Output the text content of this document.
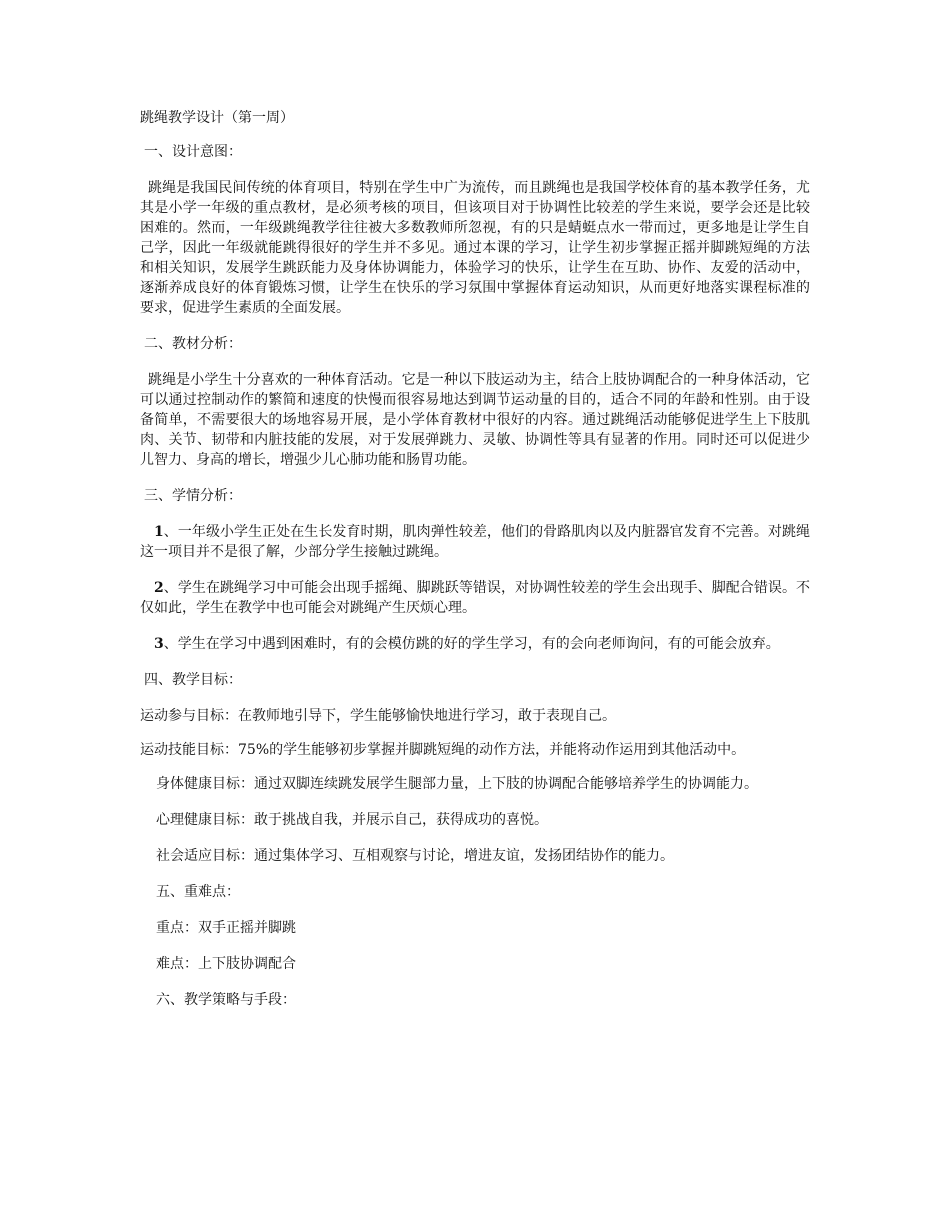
跳绳教学设计（第一周）

一、设计意图：

跳绳是我国民间传统的体育项目，特别在学生中广为流传，而且跳绳也是我国学校体育的基本教学任务，尤其是小学一年级的重点教材，是必须考核的项目，但该项目对于协调性比较差的学生来说，要学会还是比较困难的。然而，一年级跳绳教学往往被大多数教师所忽视，有的只是蜻蜓点水一带而过，更多地是让学生自己学，因此一年级就能跳得很好的学生并不多见。通过本课的学习，让学生初步掌握正摇并脚跳短绳的方法和相关知识，发展学生跳跃能力及身体协调能力，体验学习的快乐，让学生在互助、协作、友爱的活动中，逐渐养成良好的体育锻炼习惯，让学生在快乐的学习氛围中掌握体育运动知识，从而更好地落实课程标准的要求，促进学生素质的全面发展。

二、教材分析：

跳绳是小学生十分喜欢的一种体育活动。它是一种以下肢运动为主，结合上肢协调配合的一种身体活动，它可以通过控制动作的繁简和速度的快慢而很容易地达到调节运动量的目的，适合不同的年龄和性别。由于设备简单，不需要很大的场地容易开展，是小学体育教材中很好的内容。通过跳绳活动能够促进学生上下肢肌肉、关节、韧带和内脏技能的发展，对于发展弹跳力、灵敏、协调性等具有显著的作用。同时还可以促进少儿智力、身高的增长，增强少儿心肺功能和肠胃功能。

三、学情分析：

1、一年级小学生正处在生长发育时期，肌肉弹性较差，他们的骨路肌肉以及内脏器官发育不完善。对跳绳这一项目并不是很了解，少部分学生接触过跳绳。

2、学生在跳绳学习中可能会出现手摇绳、脚跳跃等错误，对协调性较差的学生会出现手、脚配合错误。不仅如此，学生在教学中也可能会对跳绳产生厌烦心理。

3、学生在学习中遇到困难时，有的会模仿跳的好的学生学习，有的会向老师询问，有的可能会放弃。

四、教学目标：

运动参与目标：在教师地引导下，学生能够愉快地进行学习，敢于表现自己。

运动技能目标：75%的学生能够初步掌握并脚跳短绳的动作方法，并能将动作运用到其他活动中。

身体健康目标：通过双脚连续跳发展学生腿部力量，上下肢的协调配合能够培养学生的协调能力。

心理健康目标：敢于挑战自我，并展示自己，获得成功的喜悦。

社会适应目标：通过集体学习、互相观察与讨论，增进友谊，发扬团结协作的能力。

五、重难点：

重点：双手正摇并脚跳

难点：上下肢协调配合

六、教学策略与手段：
